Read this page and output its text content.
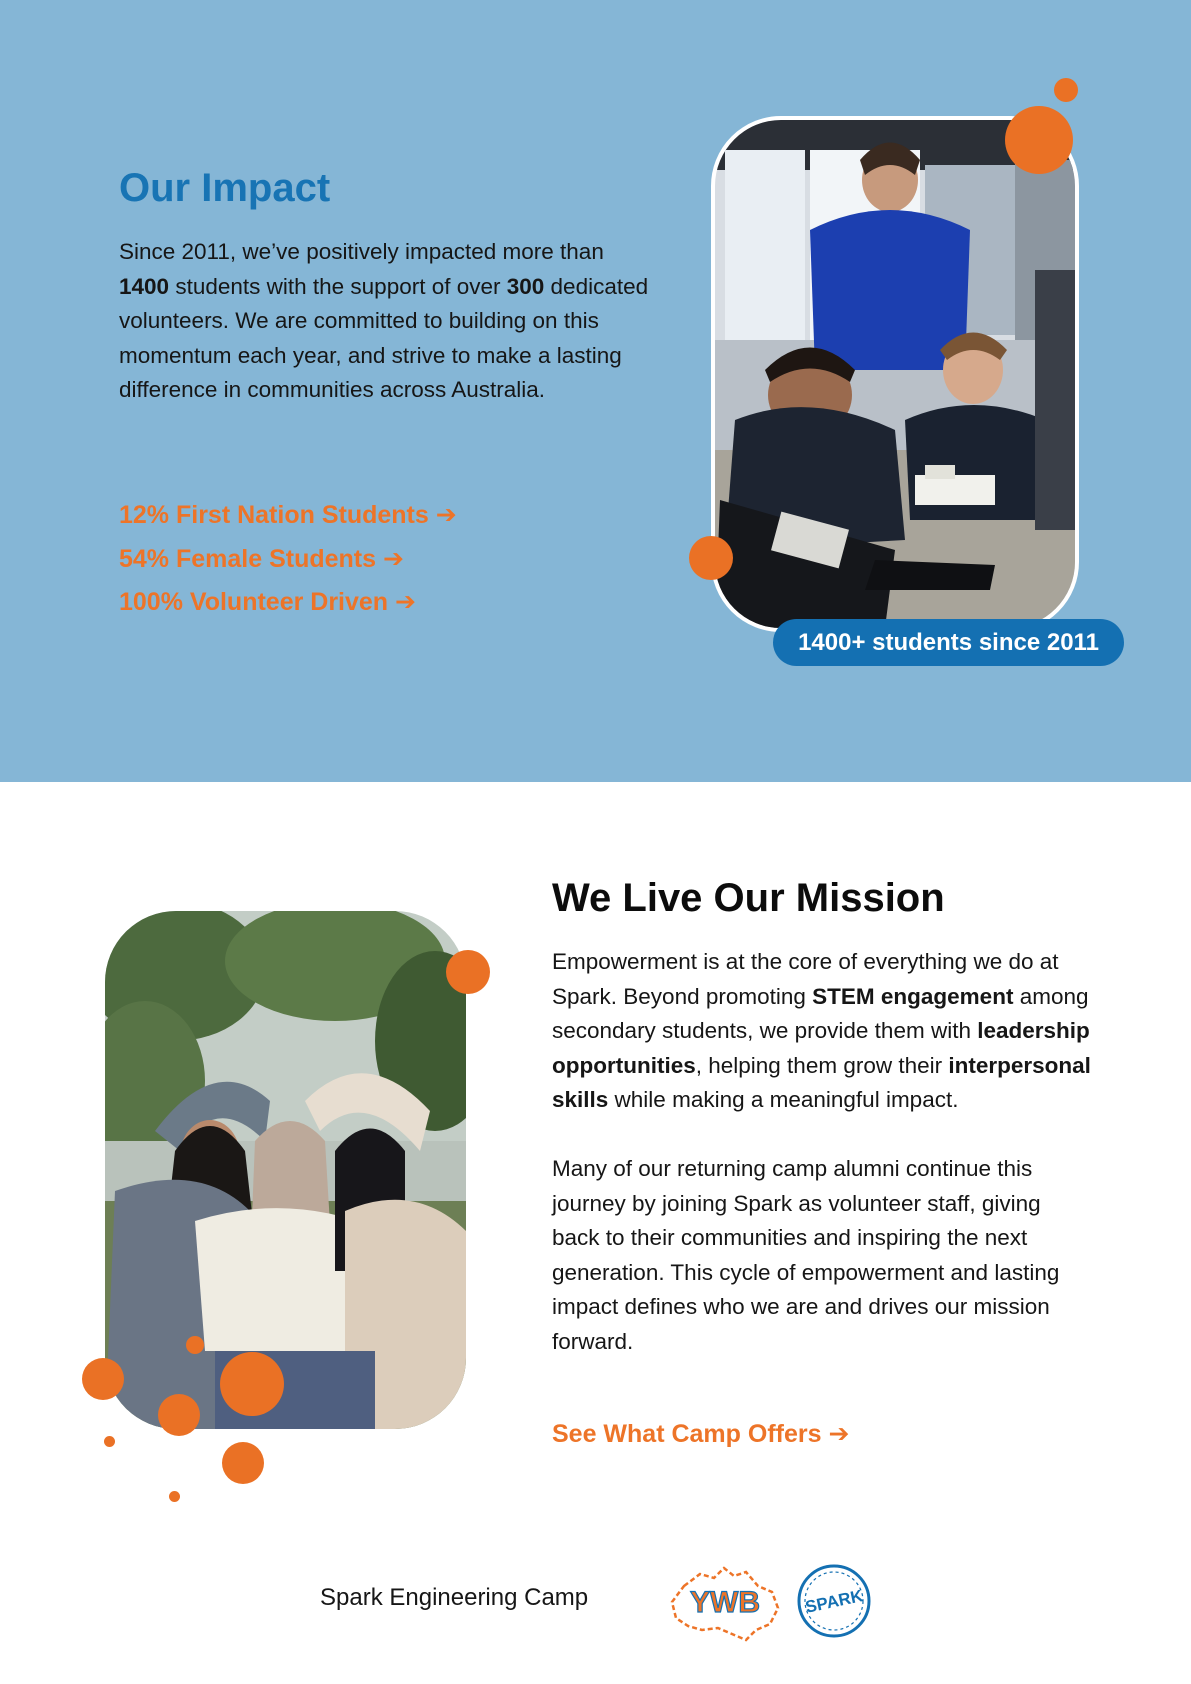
Our Impact

Since 2011, we’ve positively impacted more than 1400 students with the support of over 300 dedicated volunteers. We are committed to building on this momentum each year, and strive to make a lasting difference in communities across Australia.

12% First Nation Students ➔
54% Female Students ➔
100% Volunteer Driven ➔
1400+ students since 2011
We Live Our Mission

Empowerment is at the core of everything we do at Spark. Beyond promoting STEM engagement among secondary students, we provide them with leadership opportunities, helping them grow their interpersonal skills while making a meaningful impact.

Many of our returning camp alumni continue this journey by joining Spark as volunteer staff, giving back to their communities and inspiring the next generation. This cycle of empowerment and lasting impact defines who we are and drives our mission forward.

See What Camp Offers ➔
Spark Engineering Camp	YWB	SPARK
